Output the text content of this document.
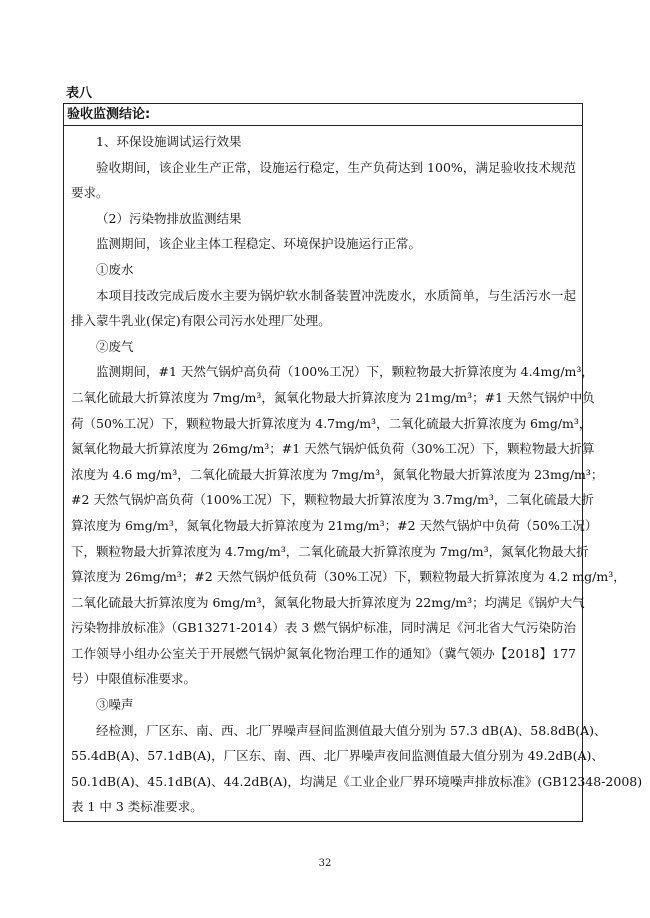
表八
验收监测结论:
1、环保设施调试运行效果
验收期间，该企业生产正常，设施运行稳定，生产负荷达到 100%，满足验收技术规范
要求。
（2）污染物排放监测结果
监测期间，该企业主体工程稳定、环境保护设施运行正常。
①废水
本项目技改完成后废水主要为锅炉软水制备装置冲洗废水，水质简单，与生活污水一起
排入蒙牛乳业(保定)有限公司污水处理厂处理。
②废气
监测期间，#1 天然气锅炉高负荷（100%工况）下，颗粒物最大折算浓度为 4.4mg/m³，
二氧化硫最大折算浓度为 7mg/m³，氮氧化物最大折算浓度为 21mg/m³；#1 天然气锅炉中负
荷（50%工况）下，颗粒物最大折算浓度为 4.7mg/m³，二氧化硫最大折算浓度为 6mg/m³，
氮氧化物最大折算浓度为 26mg/m³；#1 天然气锅炉低负荷（30%工况）下，颗粒物最大折算
浓度为 4.6 mg/m³，二氧化硫最大折算浓度为 7mg/m³，氮氧化物最大折算浓度为 23mg/m³；
#2 天然气锅炉高负荷（100%工况）下，颗粒物最大折算浓度为 3.7mg/m³，二氧化硫最大折
算浓度为 6mg/m³，氮氧化物最大折算浓度为 21mg/m³；#2 天然气锅炉中负荷（50%工况）
下，颗粒物最大折算浓度为 4.7mg/m³，二氧化硫最大折算浓度为 7mg/m³，氮氧化物最大折
算浓度为 26mg/m³；#2 天然气锅炉低负荷（30%工况）下，颗粒物最大折算浓度为 4.2 mg/m³，
二氧化硫最大折算浓度为 6mg/m³，氮氧化物最大折算浓度为 22mg/m³；均满足《锅炉大气
污染物排放标准》（GB13271-2014）表 3 燃气锅炉标准，同时满足《河北省大气污染防治
工作领导小组办公室关于开展燃气锅炉氮氧化物治理工作的通知》（冀气领办【2018】177
号）中限值标准要求。
③噪声
经检测，厂区东、南、西、北厂界噪声昼间监测值最大值分别为 57.3 dB(A)、58.8dB(A)、
55.4dB(A)、57.1dB(A)，厂区东、南、西、北厂界噪声夜间监测值最大值分别为 49.2dB(A)、
50.1dB(A)、45.1dB(A)、44.2dB(A)，均满足《工业企业厂界环境噪声排放标准》(GB12348-2008)
表 1 中 3 类标准要求。
32
